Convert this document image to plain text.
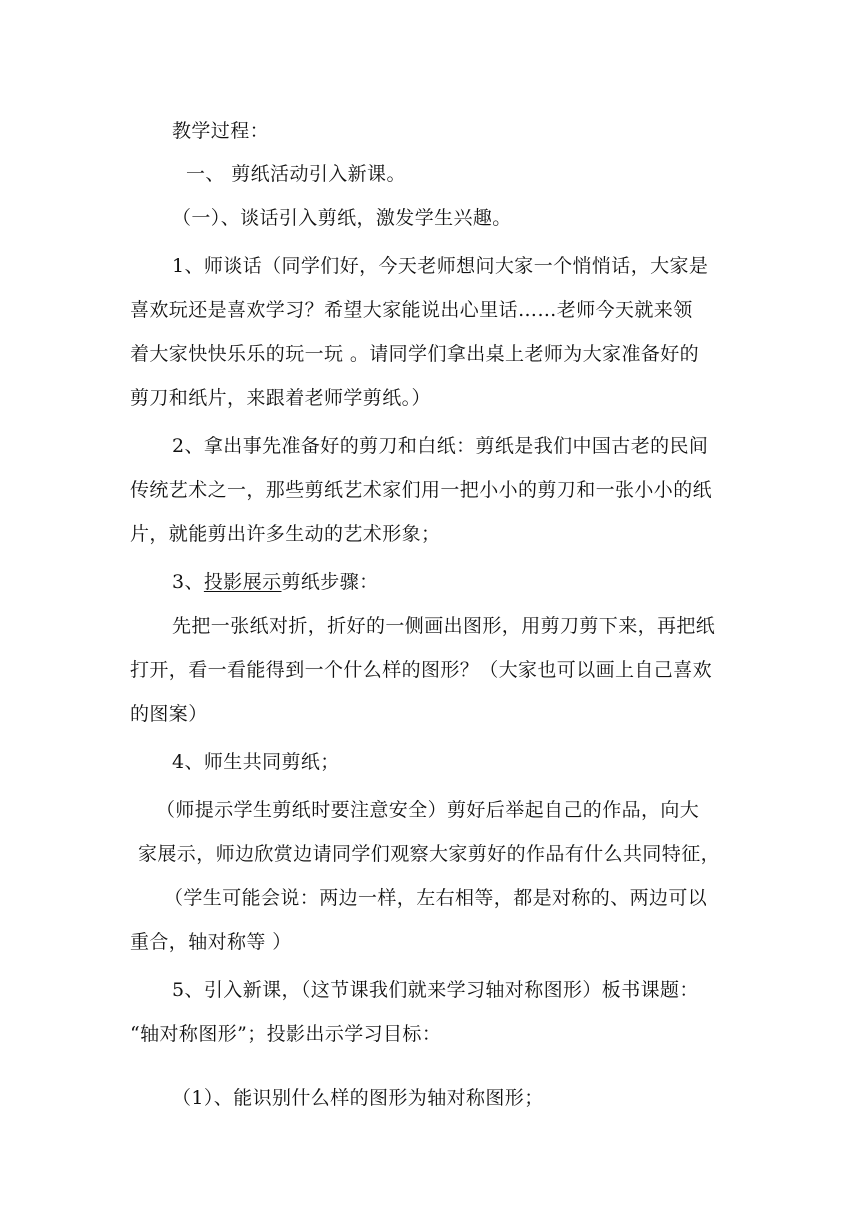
教学过程：
一、 剪纸活动引入新课。
（一）、谈话引入剪纸，激发学生兴趣。
1、师谈话（同学们好，今天老师想问大家一个悄悄话，大家是
喜欢玩还是喜欢学习？希望大家能说出心里话……老师今天就来领
着大家快快乐乐的玩一玩 。请同学们拿出桌上老师为大家准备好的
剪刀和纸片，来跟着老师学剪纸。）
2、拿出事先准备好的剪刀和白纸：剪纸是我们中国古老的民间
传统艺术之一，那些剪纸艺术家们用一把小小的剪刀和一张小小的纸
片，就能剪出许多生动的艺术形象；
3、投影展示剪纸步骤：
先把一张纸对折，折好的一侧画出图形，用剪刀剪下来，再把纸
打开，看一看能得到一个什么样的图形？（大家也可以画上自己喜欢
的图案）
4、师生共同剪纸；
（师提示学生剪纸时要注意安全）剪好后举起自己的作品，向大
家展示，师边欣赏边请同学们观察大家剪好的作品有什么共同特征，
（学生可能会说：两边一样，左右相等，都是对称的、两边可以
重合，轴对称等 ）
5、引入新课，（这节课我们就来学习轴对称图形）板书课题：
“轴对称图形”；投影出示学习目标：
（1）、能识别什么样的图形为轴对称图形；
